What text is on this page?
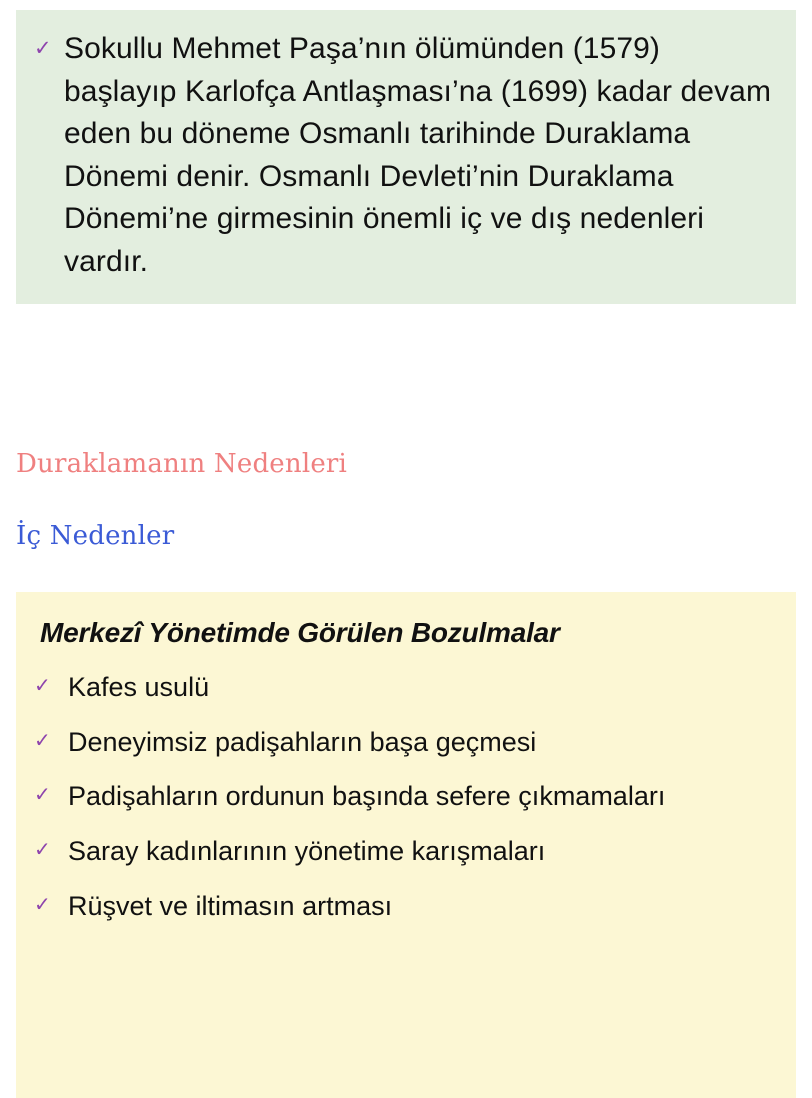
✓ Sokullu Mehmet Paşa’nın ölümünden (1579) başlayıp Karlofça Antlaşması’na (1699) kadar devam eden bu döneme Osmanlı tarihinde Duraklama Dönemi denir. Osmanlı Devleti’nin Duraklama Dönemi’ne girmesinin önemli iç ve dış nedenleri vardır.
Duraklamanın Nedenleri
İç Nedenler
Merkezî Yönetimde Görülen Bozulmalar
✓ Kafes usulü
✓ Deneyimsiz padişahların başa geçmesi
✓ Padişahların ordunun başında sefere çıkmamaları
✓ Saray kadınlarının yönetime karışmaları
✓ Rüşvet ve iltimasın artması
